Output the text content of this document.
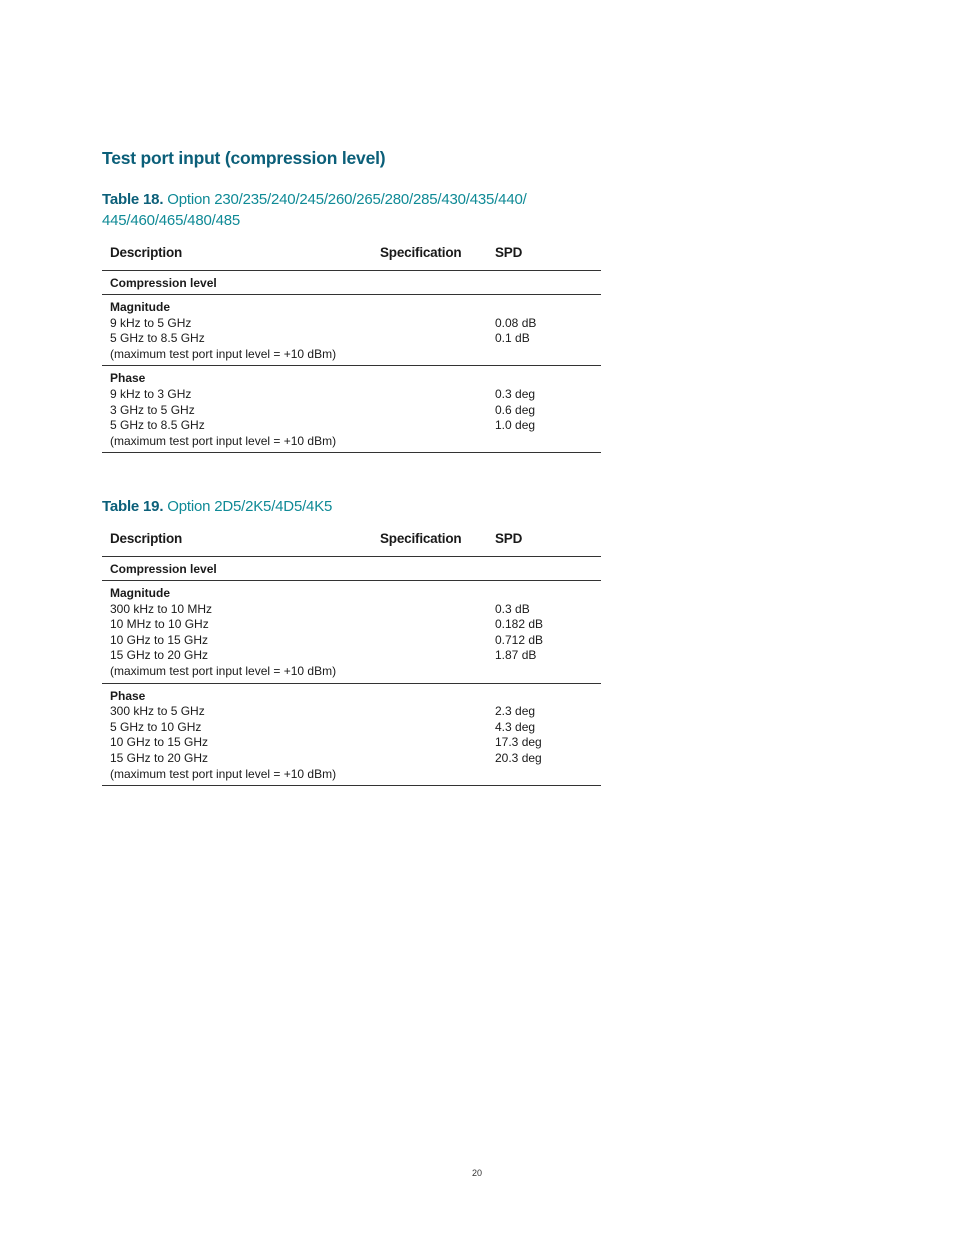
Test port input (compression level)

Table 18. Option 230/235/240/245/260/265/280/285/430/435/440/
445/460/465/480/485

Description	Specification SPD
Compression level
Magnitude
9 kHz to 5 GHz
5 GHz to 8.5 GHz
(maximum test port input level = +10 dBm)
0.08 dB
0.1 dB
Phase
9 kHz to 3 GHz
3 GHz to 5 GHz
5 GHz to 8.5 GHz
(maximum test port input level = +10 dBm)
0.3 deg
0.6 deg
1.0 deg

Table 19. Option 2D5/2K5/4D5/4K5

Description	Specification SPD
Compression level
Magnitude
300 kHz to 10 MHz
10 MHz to 10 GHz
10 GHz to 15 GHz
15 GHz to 20 GHz
(maximum test port input level = +10 dBm)
0.3 dB
0.182 dB
0.712 dB
1.87 dB
Phase
300 kHz to 5 GHz
5 GHz to 10 GHz
10 GHz to 15 GHz
15 GHz to 20 GHz
(maximum test port input level = +10 dBm)
2.3 deg
4.3 deg
17.3 deg
20.3 deg
20
